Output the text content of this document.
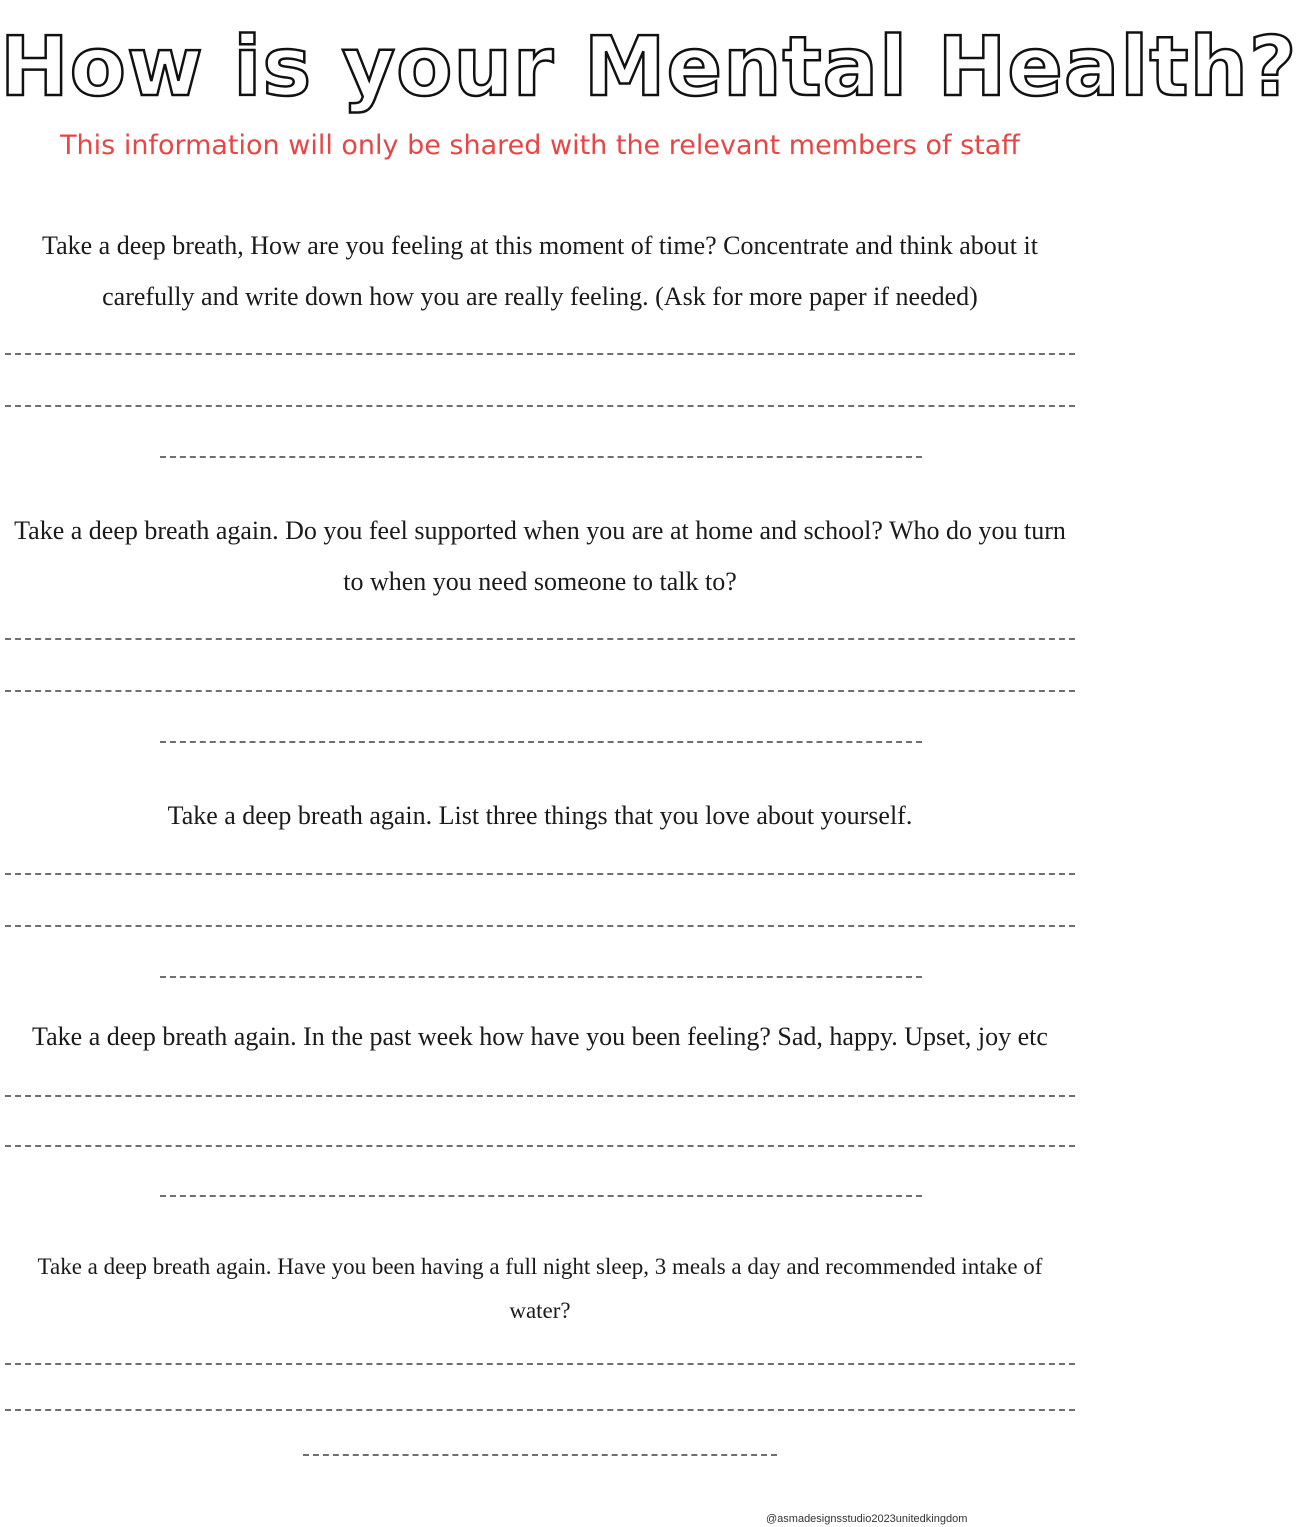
How is your Mental Health?
This information will only be shared with the relevant members of staff
Take a deep breath, How are you feeling at this moment of time? Concentrate and think about it carefully and write down how you are really feeling. (Ask for more paper if needed)
Take a deep breath again. Do you feel supported when you are at home and school? Who do you turn to when you need someone to talk to?
Take a deep breath again. List three things that you love about yourself.
Take a deep breath again. In the past week how have you been feeling? Sad, happy. Upset, joy etc
Take a deep breath again. Have you been having a full night sleep, 3 meals a day and recommended intake of water?
@asmadesignsstudio2023unitedkingdom
